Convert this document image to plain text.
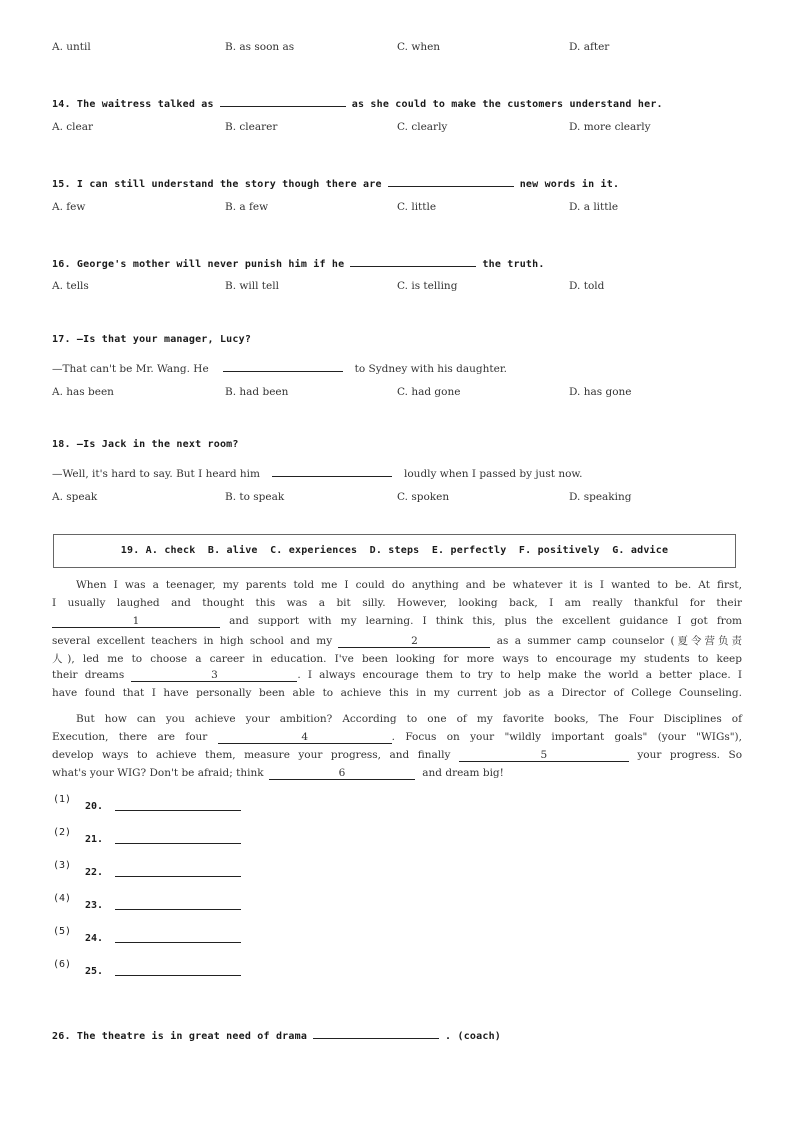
A. until	B. as soon as	C. when	D. after
14. The waitress talked as	as she could to make the customers understand her.
A. clear	B. clearer	C. clearly	D. more clearly
15. I can still understand the story though there are	new words in it.
A. few	B. a few	C. little	D. a little
16. George's mother will never punish him if he	the truth.
A. tells	B. will tell	C. is telling	D. told
17. —Is that your manager, Lucy?
—That can't be Mr. Wang. He	to Sydney with his daughter.
A. has been	B. had been	C. had gone	D. has gone
18. —Is Jack in the next room?
—Well, it's hard to say. But I heard him	loudly when I passed by just now.
A. speak	B. to speak	C. spoken	D. speaking
19. A. check  B. alive  C. experiences  D. steps  E. perfectly  F. positively  G. advice
When I was a teenager, my parents told me I could do anything and be whatever it is I wanted to be. At first,
I usually laughed and thought this was a bit silly. However, looking back, I am really thankful for their
1	and support with my learning. I think this, plus the excellent guidance I got from
several excellent teachers in high school and my	2	as a summer camp counselor (夏令营负责
人), led me to choose a career in education. I've been looking for more ways to encourage my students to keep
their dreams	3	. I always encourage them to try to help make the world a better place. I
have found that I have personally been able to achieve this in my current job as a Director of College Counseling.
But how can you achieve your ambition? According to one of my favorite books, The Four Disciplines of
Execution, there are four	4	. Focus on your "wildly important goals" (your "WIGs"),
develop ways to achieve them, measure your progress, and finally	5	your progress. So
what's your WIG? Don't be afraid; think	6	and dream big!
(1)
20.
(2)
21.
(3)
22.
(4)
23.
(5)
24.
(6)
25.
26. The theatre is in great need of drama	. (coach)
